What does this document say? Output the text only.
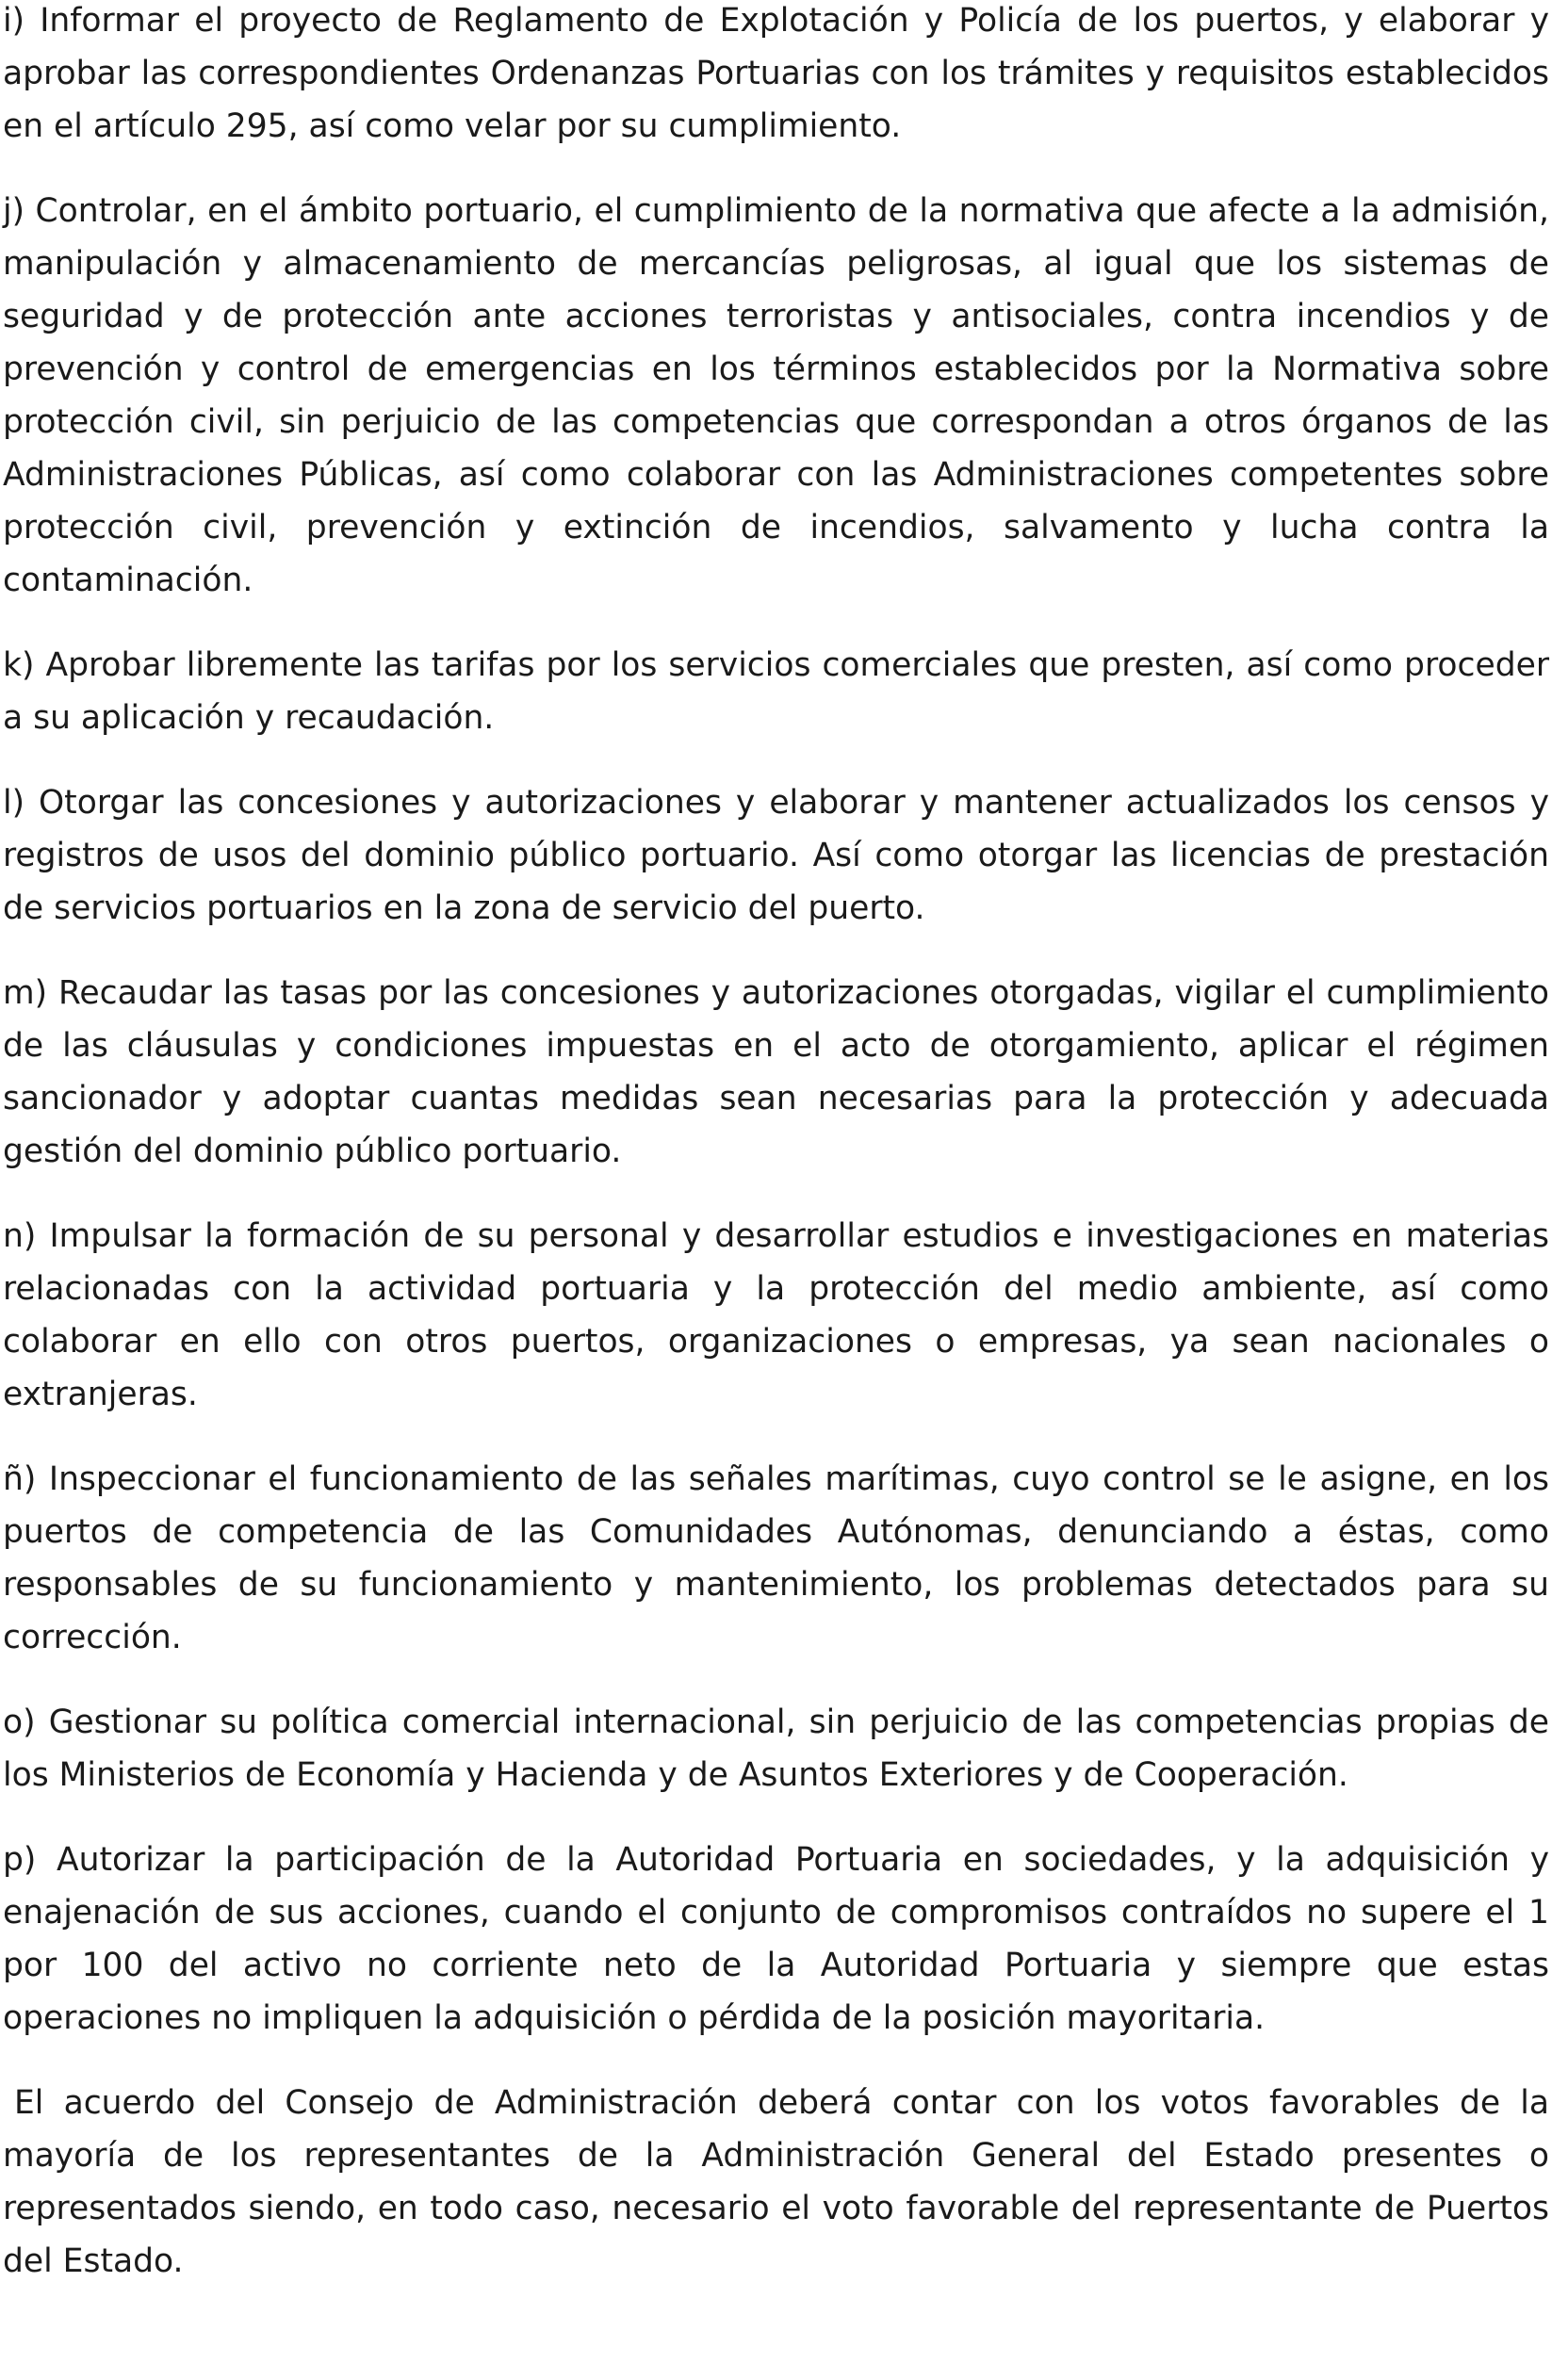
i) Informar el proyecto de Reglamento de Explotación y Policía de los puertos, y elaborar y aprobar las correspondientes Ordenanzas Portuarias con los trámites y requisitos establecidos en el artículo 295, así como velar por su cumplimiento.

j) Controlar, en el ámbito portuario, el cumplimiento de la normativa que afecte a la admisión, manipulación y almacenamiento de mercancías peligrosas, al igual que los sistemas de seguridad y de protección ante acciones terroristas y antisociales, contra incendios y de prevención y control de emergencias en los términos establecidos por la Normativa sobre protección civil, sin perjuicio de las competencias que correspondan a otros órganos de las Administraciones Públicas, así como colaborar con las Administraciones competentes sobre protección civil, prevención y extinción de incendios, salvamento y lucha contra la contaminación.

k) Aprobar libremente las tarifas por los servicios comerciales que presten, así como proceder a su aplicación y recaudación.

l) Otorgar las concesiones y autorizaciones y elaborar y mantener actualizados los censos y registros de usos del dominio público portuario. Así como otorgar las licencias de prestación de servicios portuarios en la zona de servicio del puerto.

m) Recaudar las tasas por las concesiones y autorizaciones otorgadas, vigilar el cumplimiento de las cláusulas y condiciones impuestas en el acto de otorgamiento, aplicar el régimen sancionador y adoptar cuantas medidas sean necesarias para la protección y adecuada gestión del dominio público portuario.

n) Impulsar la formación de su personal y desarrollar estudios e investigaciones en materias relacionadas con la actividad portuaria y la protección del medio ambiente, así como colaborar en ello con otros puertos, organizaciones o empresas, ya sean nacionales o extranjeras.

ñ) Inspeccionar el funcionamiento de las señales marítimas, cuyo control se le asigne, en los puertos de competencia de las Comunidades Autónomas, denunciando a éstas, como responsables de su funcionamiento y mantenimiento, los problemas detectados para su corrección.

o) Gestionar su política comercial internacional, sin perjuicio de las competencias propias de los Ministerios de Economía y Hacienda y de Asuntos Exteriores y de Cooperación.

p) Autorizar la participación de la Autoridad Portuaria en sociedades, y la adquisición y enajenación de sus acciones, cuando el conjunto de compromisos contraídos no supere el 1 por 100 del activo no corriente neto de la Autoridad Portuaria y siempre que estas operaciones no impliquen la adquisición o pérdida de la posición mayoritaria.

El acuerdo del Consejo de Administración deberá contar con los votos favorables de la mayoría de los representantes de la Administración General del Estado presentes o representados siendo, en todo caso, necesario el voto favorable del representante de Puertos del Estado.
